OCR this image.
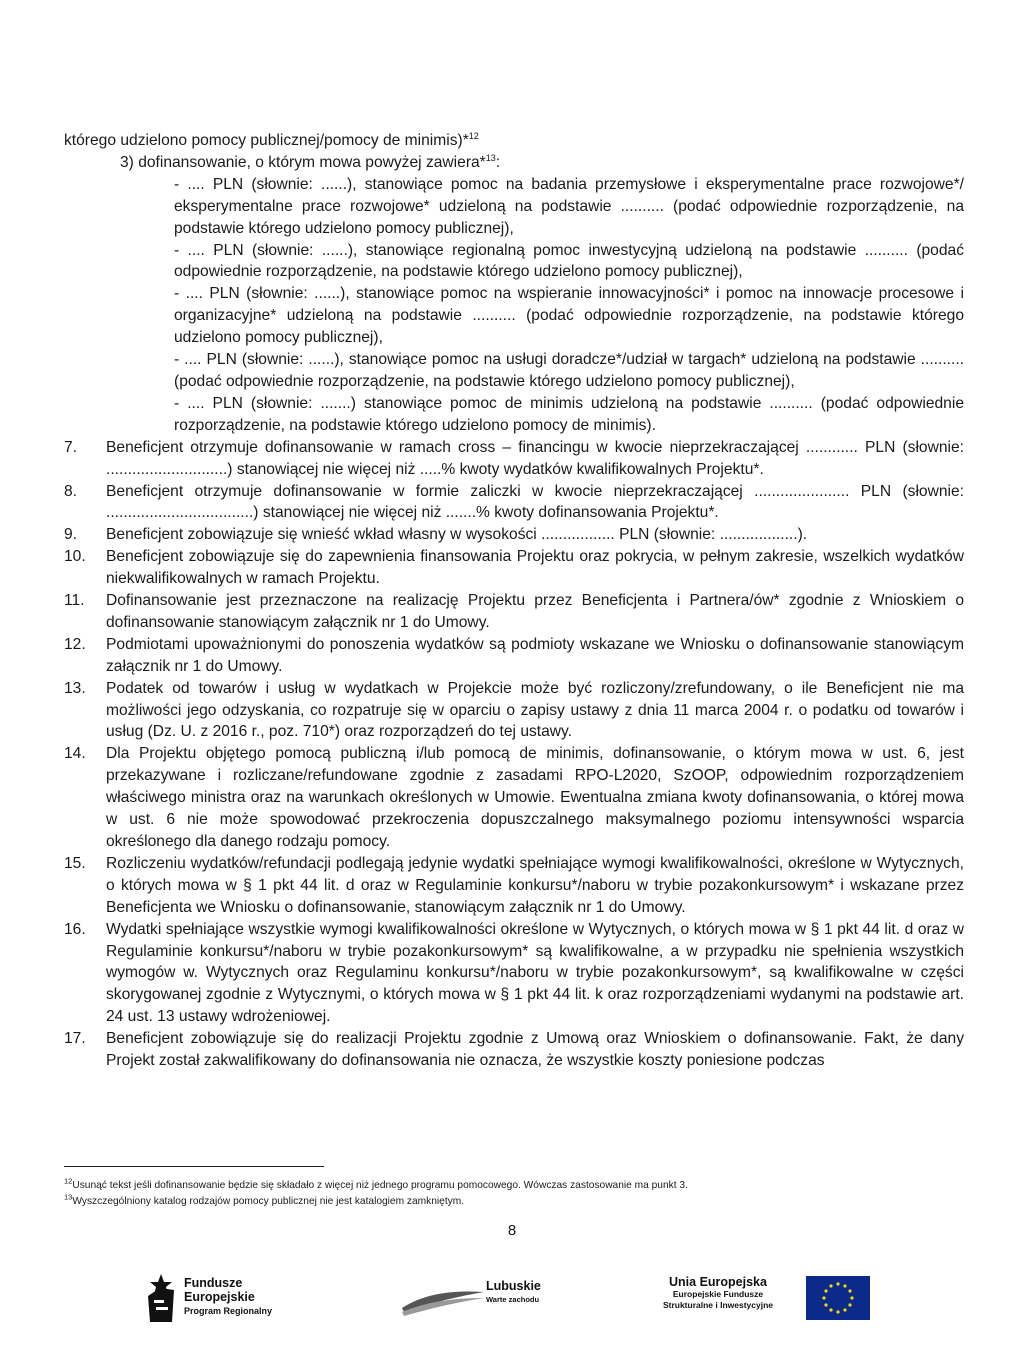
którego udzielono pomocy publicznej/pomocy de minimis)*$^{12}$

3) dofinansowanie, o którym mowa powyżej zawiera*$^{13}$:

- .... PLN (słownie: ......), stanowiące pomoc na badania przemysłowe i eksperymentalne prace rozwojowe*/ eksperymentalne prace rozwojowe* udzieloną na podstawie .......... (podać odpowiednie rozporządzenie, na podstawie którego udzielono pomocy publicznej),

- .... PLN (słownie: ......), stanowiące regionalną pomoc inwestycyjną udzieloną na podstawie .......... (podać odpowiednie rozporządzenie, na podstawie którego udzielono pomocy publicznej),

- .... PLN (słownie: ......), stanowiące pomoc na wspieranie innowacyjności* i pomoc na innowacje procesowe i organizacyjne* udzieloną na podstawie .......... (podać odpowiednie rozporządzenie, na podstawie którego udzielono pomocy publicznej),

- .... PLN (słownie: ......), stanowiące pomoc na usługi doradcze*/udział w targach* udzieloną na podstawie .......... (podać odpowiednie rozporządzenie, na podstawie którego udzielono pomocy publicznej),

- .... PLN (słownie: .......) stanowiące pomoc de minimis udzieloną na podstawie .......... (podać odpowiednie rozporządzenie, na podstawie którego udzielono pomocy de minimis).

7.	Beneficjent otrzymuje dofinansowanie w ramach cross – financingu w kwocie nieprzekraczającej ............ PLN (słownie: ............................) stanowiącej nie więcej niż .....% kwoty wydatków kwalifikowalnych Projektu*.
8.	Beneficjent otrzymuje dofinansowanie w formie zaliczki w kwocie nieprzekraczającej ...................... PLN (słownie: ..................................) stanowiącej nie więcej niż .......% kwoty dofinansowania Projektu*.
9.	Beneficjent zobowiązuje się wnieść wkład własny w wysokości ................. PLN (słownie: ..................).
10.	Beneficjent zobowiązuje się do zapewnienia finansowania Projektu oraz pokrycia, w pełnym zakresie, wszelkich wydatków niekwalifikowalnych w ramach Projektu.
11.	Dofinansowanie jest przeznaczone na realizację Projektu przez Beneficjenta i Partnera/ów* zgodnie z Wnioskiem o dofinansowanie stanowiącym załącznik nr 1 do Umowy.
12.	Podmiotami upoważnionymi do ponoszenia wydatków są podmioty wskazane we Wniosku o dofinansowanie stanowiącym załącznik nr 1 do Umowy.
13.	Podatek od towarów i usług w wydatkach w Projekcie może być rozliczony/zrefundowany, o ile Beneficjent nie ma możliwości jego odzyskania, co rozpatruje się w oparciu o zapisy ustawy z dnia 11 marca 2004 r. o podatku od towarów i usług (Dz. U. z 2016 r., poz. 710*) oraz rozporządzeń do tej ustawy.
14.	Dla Projektu objętego pomocą publiczną i/lub pomocą de minimis, dofinansowanie, o którym mowa w ust. 6, jest przekazywane i rozliczane/refundowane zgodnie z zasadami RPO-L2020, SzOOP, odpowiednim rozporządzeniem właściwego ministra oraz na warunkach określonych w Umowie. Ewentualna zmiana kwoty dofinansowania, o której mowa w ust. 6 nie może spowodować przekroczenia dopuszczalnego maksymalnego poziomu intensywności wsparcia określonego dla danego rodzaju pomocy.
15.	Rozliczeniu wydatków/refundacji podlegają jedynie wydatki spełniające wymogi kwalifikowalności, określone w Wytycznych, o których mowa w § 1 pkt 44 lit. d oraz w Regulaminie konkursu*/naboru w trybie pozakonkursowym* i wskazane przez Beneficjenta we Wniosku o dofinansowanie, stanowiącym załącznik nr 1 do Umowy.
16.	Wydatki spełniające wszystkie wymogi kwalifikowalności określone w Wytycznych, o których mowa w § 1 pkt 44 lit. d oraz w Regulaminie konkursu*/naboru w trybie pozakonkursowym* są kwalifikowalne, a w przypadku nie spełnienia wszystkich wymogów w. Wytycznych oraz Regulaminu konkursu*/naboru w trybie pozakonkursowym*, są kwalifikowalne w części skorygowanej zgodnie z Wytycznymi, o których mowa w § 1 pkt 44 lit. k oraz rozporządzeniami wydanymi na podstawie art. 24 ust. 13 ustawy wdrożeniowej.
17.	Beneficjent zobowiązuje się do realizacji Projektu zgodnie z Umową oraz Wnioskiem o dofinansowanie. Fakt, że dany Projekt został zakwalifikowany do dofinansowania nie oznacza, że wszystkie koszty poniesione podczas
$^{12}$Usunąć tekst jeśli dofinansowanie będzie się składało z więcej niż jednego programu pomocowego. Wówczas zastosowanie ma punkt 3.
$^{13}$Wyszczególniony katalog rodzajów pomocy publicznej nie jest katalogiem zamkniętym.
8
Fundusze
Europejskie
Program Regionalny
Lubuskie
Warte zachodu
Unia Europejska
Europejskie Fundusze
Strukturalne i Inwestycyjne
